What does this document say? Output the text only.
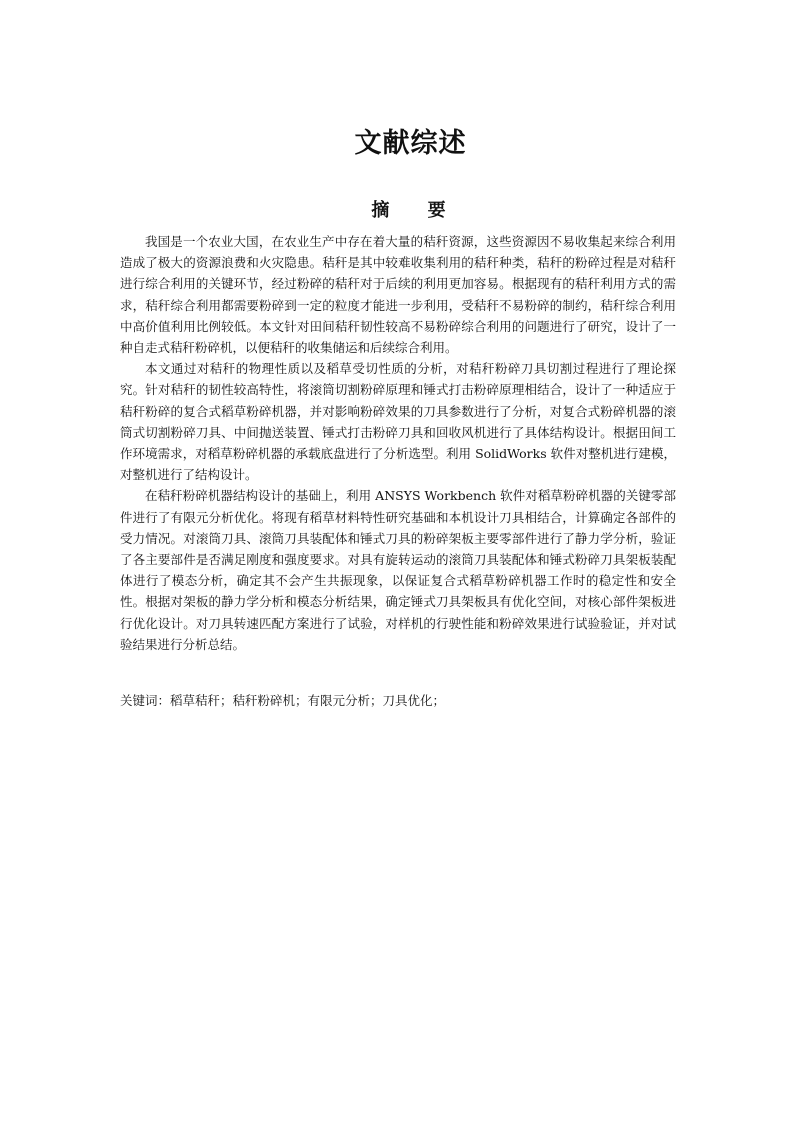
文献综述
摘 要

我国是一个农业大国，在农业生产中存在着大量的秸秆资源，这些资源因不易收集起来综合利用造成了极大的资源浪费和火灾隐患。秸秆是其中较难收集利用的秸秆种类，秸秆的粉碎过程是对秸秆进行综合利用的关键环节，经过粉碎的秸秆对于后续的利用更加容易。根据现有的秸秆利用方式的需求，秸秆综合利用都需要粉碎到一定的粒度才能进一步利用，受秸秆不易粉碎的制约，秸秆综合利用中高价值利用比例较低。本文针对田间秸秆韧性较高不易粉碎综合利用的问题进行了研究，设计了一种自走式秸秆粉碎机，以便秸秆的收集储运和后续综合利用。

本文通过对秸秆的物理性质以及稻草受切性质的分析，对秸秆粉碎刀具切割过程进行了理论探究。针对秸秆的韧性较高特性，将滚筒切割粉碎原理和锤式打击粉碎原理相结合，设计了一种适应于秸秆粉碎的复合式稻草粉碎机器，并对影响粉碎效果的刀具参数进行了分析，对复合式粉碎机器的滚筒式切割粉碎刀具、中间抛送装置、锤式打击粉碎刀具和回收风机进行了具体结构设计。根据田间工作环境需求，对稻草粉碎机器的承载底盘进行了分析选型。利用 SolidWorks 软件对整机进行建模，对整机进行了结构设计。

在秸秆粉碎机器结构设计的基础上，利用 ANSYS Workbench 软件对稻草粉碎机器的关键零部件进行了有限元分析优化。将现有稻草材料特性研究基础和本机设计刀具相结合，计算确定各部件的受力情况。对滚筒刀具、滚筒刀具装配体和锤式刀具的粉碎架板主要零部件进行了静力学分析，验证了各主要部件是否满足刚度和强度要求。对具有旋转运动的滚筒刀具装配体和锤式粉碎刀具架板装配体进行了模态分析，确定其不会产生共振现象，以保证复合式稻草粉碎机器工作时的稳定性和安全性。根据对架板的静力学分析和模态分析结果，确定锤式刀具架板具有优化空间，对核心部件架板进行优化设计。对刀具转速匹配方案进行了试验，对样机的行驶性能和粉碎效果进行试验验证，并对试验结果进行分析总结。

关键词：稻草秸秆；秸秆粉碎机；有限元分析；刀具优化；
